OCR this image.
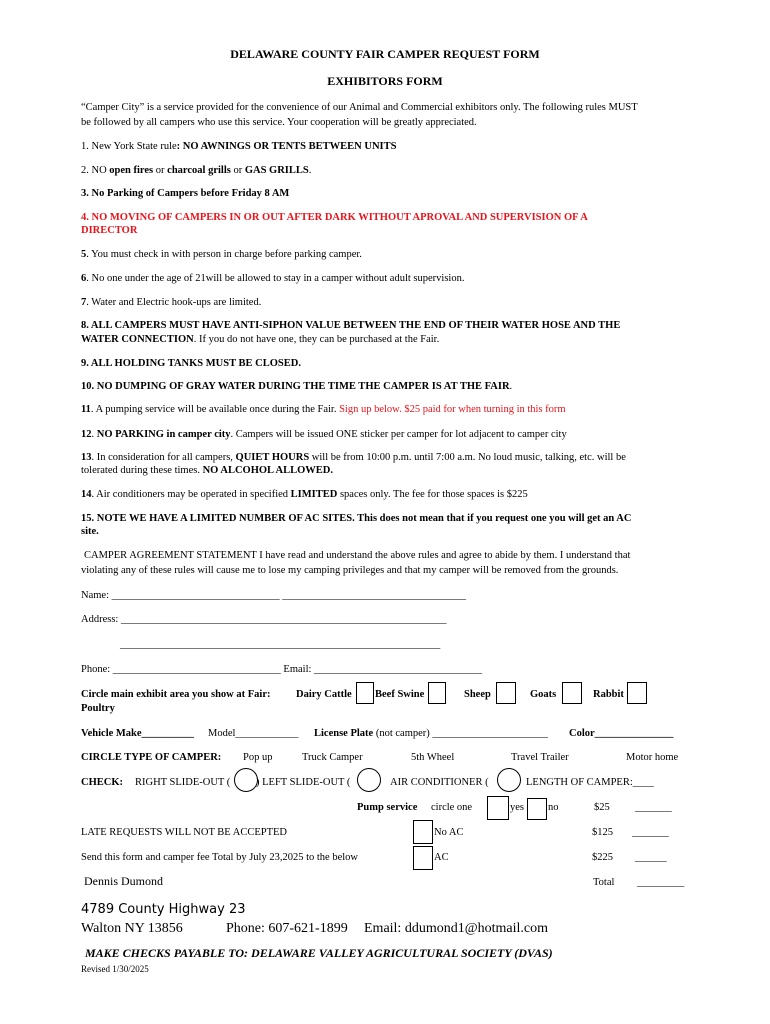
DELAWARE COUNTY FAIR CAMPER REQUEST FORM
EXHIBITORS FORM
“Camper City” is a service provided for the convenience of our Animal and Commercial exhibitors only. The following rules MUST
be followed by all campers who use this service. Your cooperation will be greatly appreciated.
1. New York State rule: NO AWNINGS OR TENTS BETWEEN UNITS
2. NO open fires or charcoal grills or GAS GRILLS.
3. No Parking of Campers before Friday 8 AM
4. NO MOVING OF CAMPERS IN OR OUT AFTER DARK WITHOUT APROVAL AND SUPERVISION OF A
DIRECTOR
5. You must check in with person in charge before parking camper.
6. No one under the age of 21will be allowed to stay in a camper without adult supervision.
7. Water and Electric hook-ups are limited.
8. ALL CAMPERS MUST HAVE ANTI-SIPHON VALUE BETWEEN THE END OF THEIR WATER HOSE AND THE
WATER CONNECTION. If you do not have one, they can be purchased at the Fair.
9. ALL HOLDING TANKS MUST BE CLOSED.
10. NO DUMPING OF GRAY WATER DURING THE TIME THE CAMPER IS AT THE FAIR.
11. A pumping service will be available once during the Fair. Sign up below. $25 paid for when turning in this form
12. NO PARKING in camper city. Campers will be issued ONE sticker per camper for lot adjacent to camper city
13. In consideration for all campers, QUIET HOURS will be from 10:00 p.m. until 7:00 a.m. No loud music, talking, etc. will be
tolerated during these times. NO ALCOHOL ALLOWED.
14. Air conditioners may be operated in specified LIMITED spaces only. The fee for those spaces is $225
15. NOTE WE HAVE A LIMITED NUMBER OF AC SITES. This does not mean that if you request one you will get an AC
site.
CAMPER AGREEMENT STATEMENT I have read and understand the above rules and agree to abide by them. I understand that
violating any of these rules will cause me to lose my camping privileges and that my camper will be removed from the grounds.
Name: ________________________________ ___________________________________
Address: ______________________________________________________________
_____________________________________________________________
Phone: ________________________________ Email: ________________________________
Circle main exhibit area you show at Fair: Dairy Cattle Beef Swine	Sheep	Goats	Rabbit
Poultry
Vehicle Make__________ Model____________ License Plate (not camper) ______________________ Color_______________
CIRCLE TYPE OF CAMPER: Pop up	Truck Camper	5th Wheel	Travel Trailer	Motor home
CHECK: RIGHT SLIDE-OUT ( ) LEFT SLIDE-OUT (	AIR CONDITIONER (	LENGTH OF CAMPER:____
Pump service circle one	yes no	$25 _______
LATE REQUESTS WILL NOT BE ACCEPTED	No AC	$125 _______
Send this form and camper fee Total by July 23,2025 to the below	AC	$225 ______
Dennis Dumond	Total _________
4789 County Highway 23
Walton NY 13856	Phone: 607-621-1899 Email: ddumond1@hotmail.com
MAKE CHECKS PAYABLE TO: DELAWARE VALLEY AGRICULTURAL SOCIETY (DVAS)
Revised 1/30/2025
